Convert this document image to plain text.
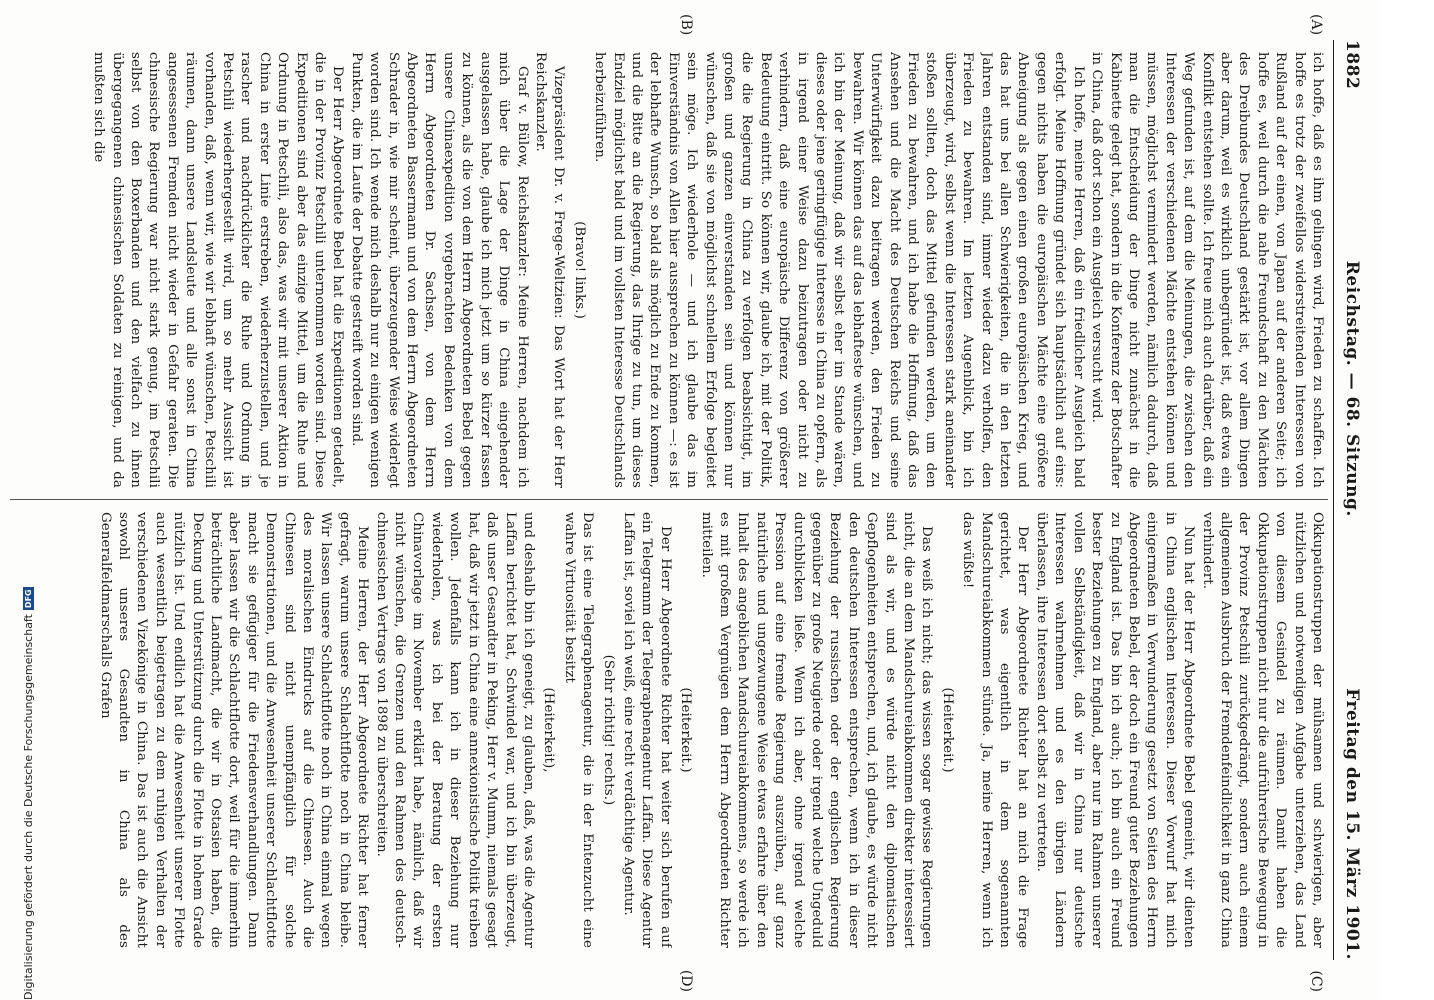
1882
Reichstag. — 68. Sitzung.
Freitag den 15. März 1901.
(A)
(B)
(C)
(D)

ich hoffe, daß es ihm gelingen wird, Frieden zu schaffen. Ich hoffe es trotz der zweifellos widerstreitenden Interessen von Rußland auf der einen, von Japan auf der anderen Seite; ich hoffe es, weil durch die nahe Freundschaft zu den Mächten des Dreibundes Deutschland gestärkt ist, vor allem Dingen aber darum, weil es wirklich unbegründet ist, daß etwa ein Konflikt entstehen sollte. Ich freue mich auch darüber, daß ein Weg gefunden ist, auf dem die Meinungen, die zwischen den Interessen der verschiedenen Mächte entstehen können und müssen, möglichst vermindert werden, nämlich dadurch, daß man die Entscheidung der Dinge nicht zunächst in die Kabinette gelegt hat, sondern in die Konferenz der Botschafter in China, daß dort schon ein Ausgleich versucht wird.

Ich hoffe, meine Herren, daß ein friedlicher Ausgleich bald erfolgt. Meine Hoffnung gründet sich hauptsächlich auf eins: gegen nichts haben die europäischen Mächte eine größere Abneigung als gegen einen großen europäischen Krieg, und das hat uns bei allen Schwierigkeiten, die in den letzten Jahren entstanden sind, immer wieder dazu verholfen, den Frieden zu bewahren. Im letzten Augenblick, bin ich überzeugt, wird, selbst wenn die Interessen stark aneinander stoßen sollten, doch das Mittel gefunden werden, um den Frieden zu bewahren, und ich habe die Hoffnung, daß das Ansehen und die Macht des Deutschen Reichs und seine Unterwürfigkeit dazu beitragen werden, den Frieden zu bewahren. Wir können das auf das lebhafteste wünschen, und ich bin der Meinung, daß wir selbst eher im Stande wären, dieses oder jene geringfügige Interesse in China zu opfern, als in irgend einer Weise dazu beizutragen oder nicht zu verhindern, daß eine europäische Differenz von größerer Bedeutung eintritt. So können wir, glaube ich, mit der Politik, die die Regierung in China zu verfolgen beabsichtigt, im großen und ganzen einverstanden sein und können nur wünschen, daß sie von möglichst schnellem Erfolge begleitet sein möge. Ich wiederhole — und ich glaube das im Einverständnis von Allen hier aussprechen zu können —: es ist der lebhafte Wunsch, so bald als möglich zu Ende zu kommen, und die Bitte an die Regierung, das Ihrige zu tun, um dieses Endziel möglichst bald und im vollsten Interesse Deutschlands herbeizuführen.

(Bravo! links.)

Vizepräsident Dr. v. Frege-Weltzien: Das Wort hat der Herr Reichskanzler.

Graf v. Bülow, Reichskanzler: Meine Herren, nachdem ich mich über die Lage der Dinge in China eingehender ausgelassen habe, glaube ich mich jetzt um so kürzer fassen zu können, als die von dem Herrn Abgeordneten Bebel gegen unsere Chinaexpedition vorgebrachten Bedenken von dem Herrn Abgeordneten Dr. Sachsen, von dem Herrn Abgeordneten Bassermann und von dem Herrn Abgeordneten Schrader in, wie mir scheint, überzeugender Weise widerlegt worden sind. Ich wende mich deshalb nur zu einigen wenigen Punkten, die im Laufe der Debatte gestreift worden sind.

Der Herr Abgeordnete Bebel hat die Expeditionen getadelt, die in der Provinz Petschili unternommen worden sind. Diese Expeditionen sind aber das einzige Mittel, um die Ruhe und Ordnung in Petschili, also das, was wir mit unserer Aktion in China in erster Linie erstreben, wiederherzustellen, und je rascher und nachdrücklicher die Ruhe und Ordnung in Petschili wiederhergestellt wird, um so mehr Aussicht ist vorhanden, daß, wenn wir, wie wir lebhaft wünschen, Petschili räumen, dann unsere Landsleute und alle sonst in China angesessenen Fremden nicht wieder in Gefahr geraten. Die chinesische Regierung war nicht stark genug, im Petschili selbst von den Boxerbanden und den vielfach zu ihnen übergegangenen chinesischen Soldaten zu reinigen, und da mußten sich die

Okkupationstruppen der mühsamen und schwierigen, aber nützlichen und notwendigen Aufgabe unterziehen, das Land von diesem Gesindel zu räumen. Damit haben die Okkupationstruppen nicht nur die aufrührerische Bewegung in der Provinz Petschili zurückgedrängt, sondern auch einem allgemeinen Ausbruch der Fremdenfeindlichkeit in ganz China verhindert.

Nun hat der Herr Abgeordnete Bebel gemeint, wir dienten in China englischen Interessen. Dieser Vorwurf hat mich einigermaßen in Verwunderung gesetzt von Seiten des Herrn Abgeordneten Bebel, der doch ein Freund guter Beziehungen zu England ist. Das bin ich auch; ich bin auch ein Freund bester Beziehungen zu England, aber nur im Rahmen unserer vollen Selbständigkeit, daß wir in China nur deutsche Interessen wahrnehmen und es den übrigen Ländern überlassen, ihre Interessen dort selbst zu vertreten.

Der Herr Abgeordnete Richter hat an mich die Frage gerichtet, was eigentlich in dem sogenannten Mandschureiabkommen stünde. Ja, meine Herren, wenn ich das wüßte!

(Heiterkeit.)

Das weiß ich nicht; das wissen sogar gewisse Regierungen nicht, die an dem Mandschureiabkommen direkter interessiert sind als wir, und es würde nicht den diplomatischen Gepflogenheiten entsprechen, und, ich glaube, es würde nicht den deutschen Interessen entsprechen, wenn ich in dieser Beziehung der russischen oder der englischen Regierung gegenüber zu große Neugierde oder irgend welche Ungeduld durchblicken ließe. Wenn ich aber, ohne irgend welche Pression auf eine fremde Regierung auszuüben, auf ganz natürliche und ungezwungene Weise etwas erfahre über den Inhalt des angeblichen Mandschureiabkommens, so werde ich es mit großem Vergnügen dem Herrn Abgeordneten Richter mitteilen.

(Heiterkeit.)

Der Herr Abgeordnete Richter hat weiter sich berufen auf ein Telegramm der Telegraphenagentur Laffan. Diese Agentur Laffan ist, soviel ich weiß, eine recht verdächtige Agentur.

(Sehr richtig! rechts.)

Das ist eine Telegraphenagentur, die in der Entenzucht eine wahre Virtuosität besitzt

(Heiterkeit),

und deshalb bin ich geneigt, zu glauben, daß, was die Agentur Laffan berichtet hat, Schwindel war, und ich bin überzeugt, daß unser Gesandter in Peking, Herr v. Mumm, niemals gesagt hat, daß wir jetzt in China eine annexionistische Politik treiben wollen. Jedenfalls kann ich in dieser Beziehung nur wiederholen, was ich bei der Beratung der ersten Chinavorlage im November erklärt habe, nämlich, daß wir nicht wünschen, die Grenzen und den Rahmen des deutsch-chinesischen Vertrags von 1898 zu überschreiten.

Meine Herren, der Herr Abgeordnete Richter hat ferner gefragt, warum unsere Schlachtflotte noch in China bleibe. Wir lassen unsere Schlachtflotte noch in China einmal wegen des moralischen Eindrucks auf die Chinesen. Auch die Chinesen sind nicht unempfänglich für solche Demonstrationen, und die Anwesenheit unserer Schlachtflotte macht sie gefügiger für die Friedensverhandlungen. Dann aber lassen wir die Schlachtflotte dort, weil für die immerhin beträchtliche Landmacht, die wir in Ostasien haben, die Deckung und Unterstützung durch die Flotte in hohem Grade nützlich ist. Und endlich hat die Anwesenheit unserer Flotte auch wesentlich beigetragen zu dem ruhigen Verhalten der verschiedenen Vizekönige in China. Das ist auch die Ansicht sowohl unseres Gesandten in China als des Generalfeldmarschalls Grafen

Digitalisierung gefördert durch die Deutsche Forschungsgemeinschaft
DFG
